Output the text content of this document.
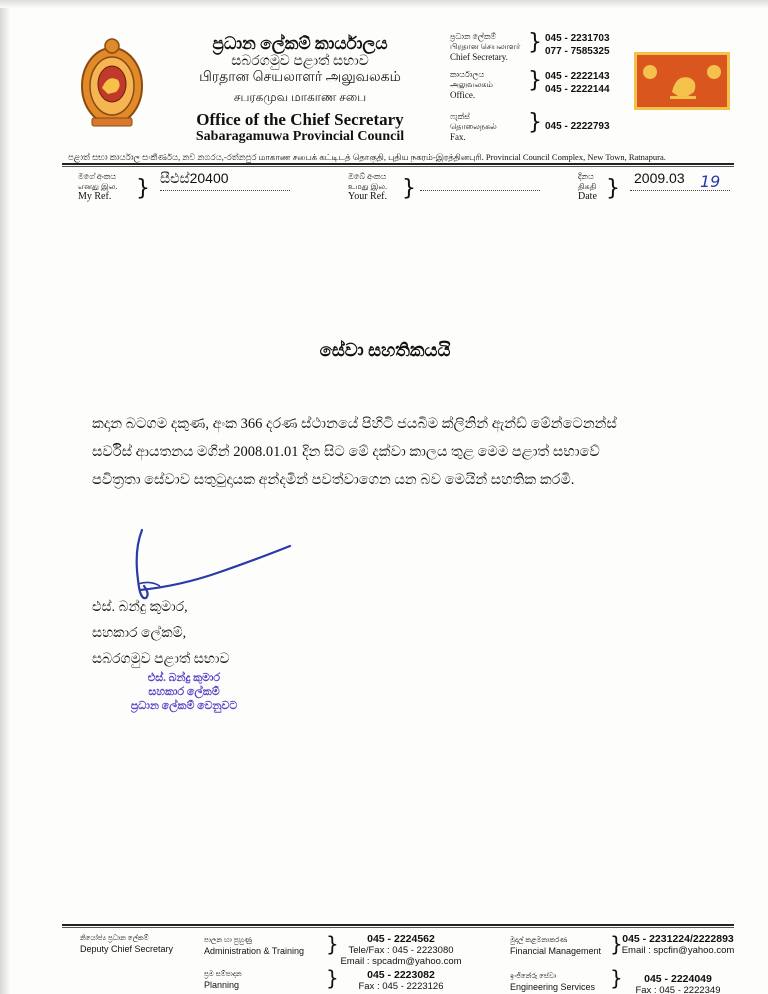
ප්‍රධාන ලේකම් කාර්යාලය
සබරගමුව පළාත් සභාව
பிரதான செயலாளர் அலுவலகம்
சபரகமுவ மாகாண சபை
Office of the Chief Secretary
Sabaragamuwa Provincial Council
ප්‍රධාන ලේකම්
பிரதான செயலாளர்
Chief Secretary.
} 045 - 2231703
077 - 7585325
කාර්යාලය
அலுவலகம்
Office.
} 045 - 2222143
045 - 2222144
ෆැක්ස්
தொலைநகல்
Fax.
} 045 - 2222793
පළාත් සභා කාර්යාල සංකීර්ණය, නව නගරය,-රත්නපුර மாகாண சபைக் கட்டிடத் தொகுதி, புதிய நகரம்-இரத்தினபுரி. Provincial Council Complex, New Town, Ratnapura.
මගේ අංකය
எனது இல.
My Ref. } සීඑස්20400	ඔබේ අංකය
உமது இல.
Your Ref. }	දිනය
திகதி
Date } 2009.03 19
සේවා සහතිකයයි
කදාන බටගම දකුණ, අංක 366 දරණ ස්ථානයේ පිහිටි ජයබිම ක්ලිනින් ඇන්ඩ් මේන්ටෙනන්ස්
සර්විස් ආයතනය මගින් 2008.01.01 දින සිට මේ දක්වා කාලය තුළ මෙම පළාත් සභාවේ
පවිත්‍රතා සේවාව සතුටුදායක අන්දමින් පවත්වාගෙන යන බව මෙයින් සහතික කරමි.
එස්. බන්දු කුමාර,
සහකාර ලේකම්,
සබරගමුව පළාත් සභාව
එස්. බන්දු කුමාර
සහකාර ලේකම්
ප්‍රධාන ලේකම් වෙනුවට
නියෝජ්‍ය ප්‍රධාන ලේකම්
Deputy Chief Secretary
පාලන හා පුහුණු
Administration & Training }	045 - 2224562
Tele/Fax : 045 - 2223080
Email : spcadm@yahoo.com
ප්‍රම සම්පාදන
Planning	}	045 - 2223082
Fax : 045 - 2223126
මුදල් කළමනාකරණ
Financial Management } 045 - 2231224/2222893
Email : spcfin@yahoo.com
ඉංජිනේරු සේවා
Engineering Services }	045 - 2224049
Fax : 045 - 2222349
